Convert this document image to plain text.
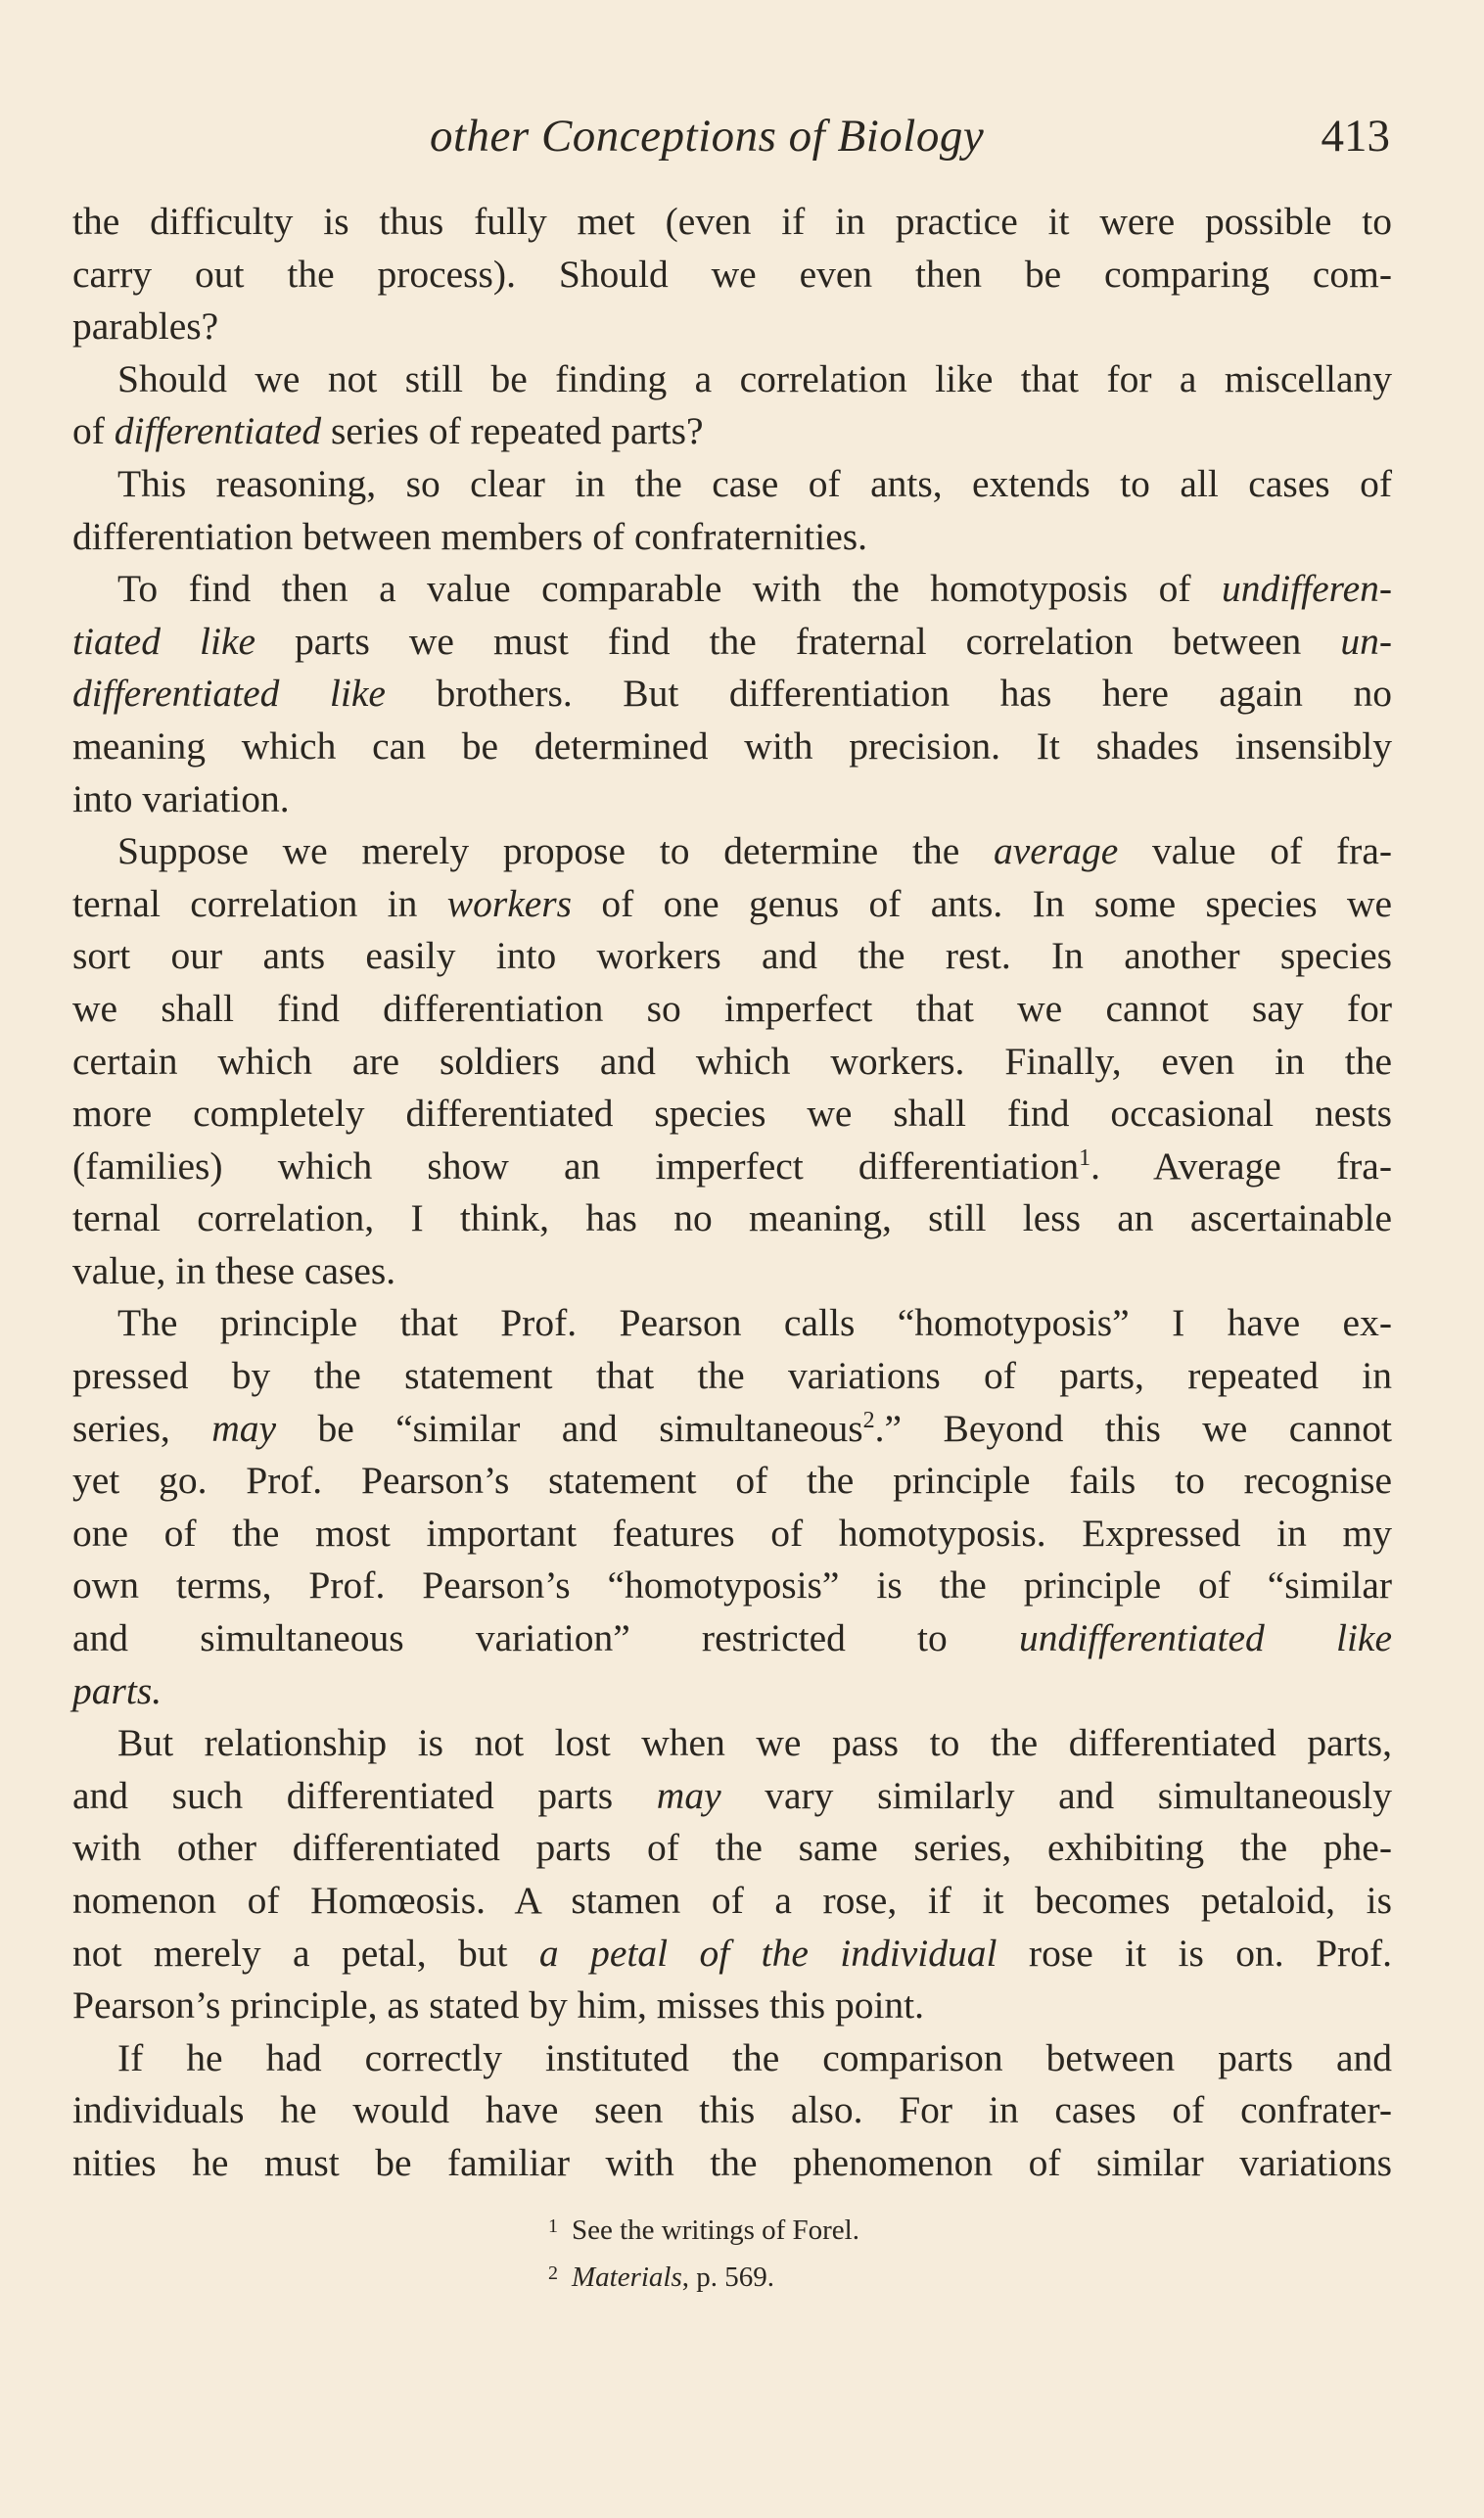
other Conceptions of Biology	413
the difficulty is thus fully met (even if in practice it were possible to
carry out the process). Should we even then be comparing com-
parables?
Should we not still be finding a correlation like that for a miscellany
of differentiated series of repeated parts?
This reasoning, so clear in the case of ants, extends to all cases of
differentiation between members of confraternities.
To find then a value comparable with the homotyposis of undifferen-
tiated like parts we must find the fraternal correlation between un-
differentiated like brothers. But differentiation has here again no
meaning which can be determined with precision. It shades insensibly
into variation.
Suppose we merely propose to determine the average value of fra-
ternal correlation in workers of one genus of ants. In some species we
sort our ants easily into workers and the rest. In another species
we shall find differentiation so imperfect that we cannot say for
certain which are soldiers and which workers. Finally, even in the
more completely differentiated species we shall find occasional nests
(families) which show an imperfect differentiation$^1$. Average fra-
ternal correlation, I think, has no meaning, still less an ascertainable
value, in these cases.
The principle that Prof. Pearson calls “homotyposis” I have ex-
pressed by the statement that the variations of parts, repeated in
series, may be “similar and simultaneous$^2$.” Beyond this we cannot
yet go. Prof. Pearson’s statement of the principle fails to recognise
one of the most important features of homotyposis. Expressed in my
own terms, Prof. Pearson’s “homotyposis” is the principle of “similar
and simultaneous variation” restricted to undifferentiated like
parts.
But relationship is not lost when we pass to the differentiated parts,
and such differentiated parts may vary similarly and simultaneously
with other differentiated parts of the same series, exhibiting the phe-
nomenon of Homœosis. A stamen of a rose, if it becomes petaloid, is
not merely a petal, but a petal of the individual rose it is on. Prof.
Pearson’s principle, as stated by him, misses this point.
If he had correctly instituted the comparison between parts and
individuals he would have seen this also. For in cases of confrater-
nities he must be familiar with the phenomenon of similar variations
$^1$ See the writings of Forel.
$^2$ Materials, p. 569.
